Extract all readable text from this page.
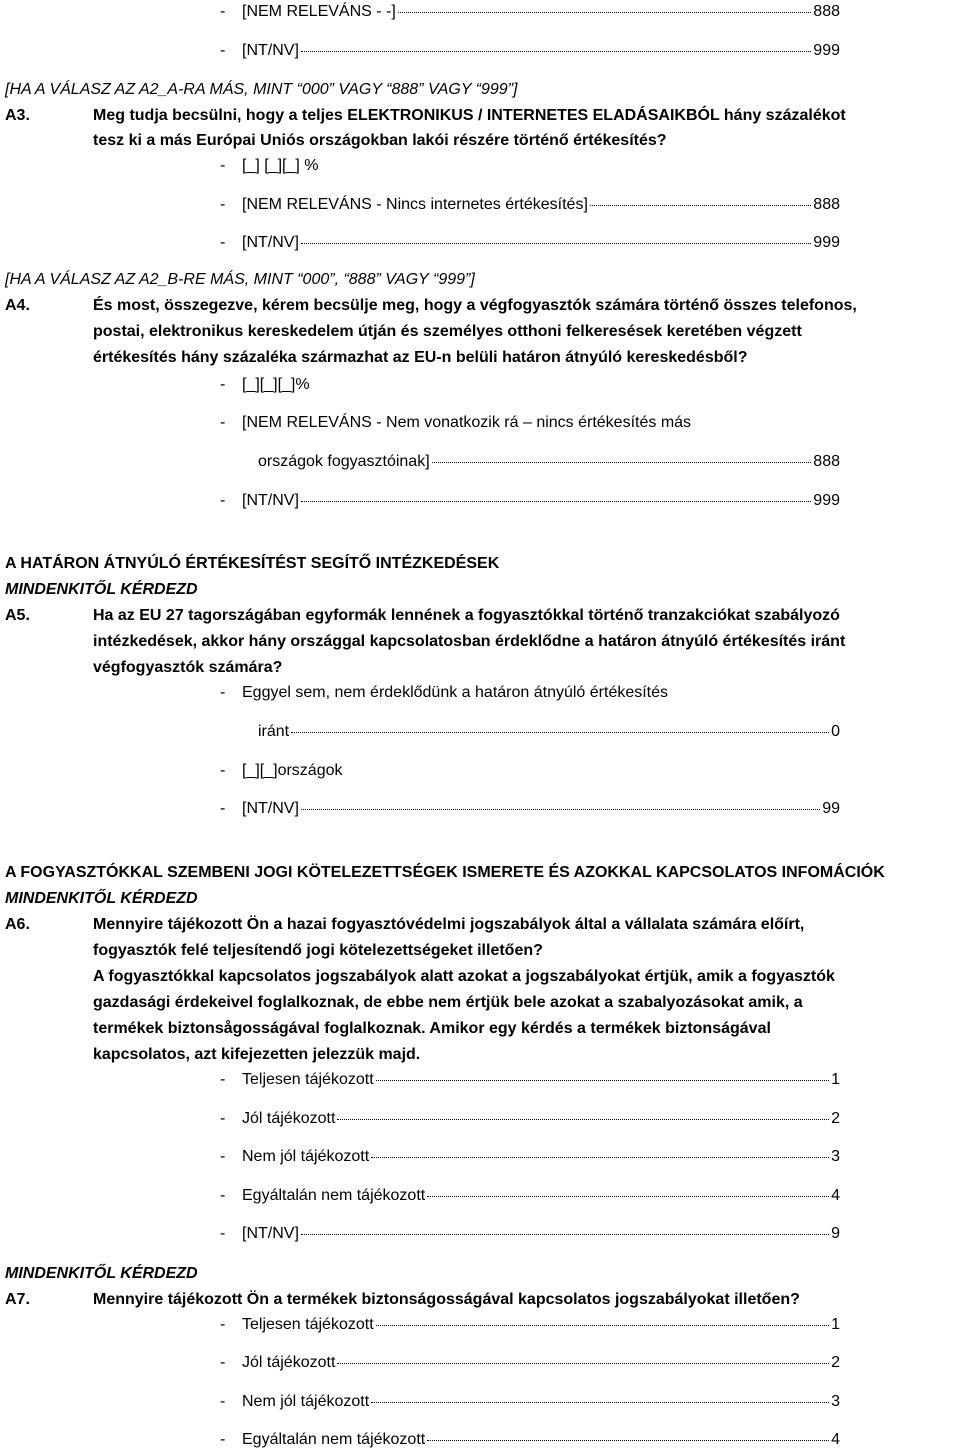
-	[NEM RELEVÁNS - -]	888
-	[NT/NV]	999
[HA A VÁLASZ AZ A2_A-RA MÁS, MINT “000” VAGY “888” VAGY “999”]
A3.	Meg tudja becsülni, hogy a teljes ELEKTRONIKUS / INTERNETES ELADÁSAIKBÓL hány százalékot
tesz ki a más Európai Uniós országokban lakói részére történő értékesítés?
-	[_] [_][_] %
-	[NEM RELEVÁNS - Nincs internetes értékesítés]	888
-	[NT/NV]	999
[HA A VÁLASZ AZ A2_B-RE MÁS, MINT “000”, “888” VAGY “999”]
A4.	És most, összegezve, kérem becsülje meg, hogy a végfogyasztók számára történő összes telefonos,
postai, elektronikus kereskedelem útján és személyes otthoni felkeresések keretében végzett
értékesítés hány százaléka származhat az EU-n belüli határon átnyúló kereskedésből?
-	[_][_][_]%
-	[NEM RELEVÁNS - Nem vonatkozik rá – nincs értékesítés más
országok fogyasztóinak]	888
-	[NT/NV]	999
A HATÁRON ÁTNYÚLÓ ÉRTÉKESÍTÉST SEGÍTŐ INTÉZKEDÉSEK
MINDENKITŐL KÉRDEZD
A5.	Ha az EU 27 tagországában egyformák lennének a fogyasztókkal történő tranzakciókat szabályozó
intézkedések, akkor hány országgal kapcsolatosban érdeklődne a határon átnyúló értékesítés iránt
végfogyasztók számára?
-	Eggyel sem, nem érdeklődünk a határon átnyúló értékesítés
iránt	0
-	[_][_]országok
-	[NT/NV]	99
A FOGYASZTÓKKAL SZEMBENI JOGI KÖTELEZETTSÉGEK ISMERETE ÉS AZOKKAL KAPCSOLATOS INFOMÁCIÓK
MINDENKITŐL KÉRDEZD
A6.	Mennyire tájékozott Ön a hazai fogyasztóvédelmi jogszabályok által a vállalata számára előírt,
fogyasztók felé teljesítendő jogi kötelezettségeket illetően?
A fogyasztókkal kapcsolatos jogszabályok alatt azokat a jogszabályokat értjük, amik a fogyasztók
gazdasági érdekeivel foglalkoznak, de ebbe nem értjük bele azokat a szabalyozásokat amik, a
termékek biztonsågosságával foglalkoznak. Amikor egy kérdés a termékek biztonságával
kapcsolatos, azt kifejezetten jelezzük majd.
-	Teljesen tájékozott	1
-	Jól tájékozott	2
-	Nem jól tájékozott	3
-	Egyáltalán nem tájékozott	4
-	[NT/NV]	9
MINDENKITŐL KÉRDEZD
A7.	Mennyire tájékozott Ön a termékek biztonságosságával kapcsolatos jogszabályokat illetően?
-	Teljesen tájékozott	1
-	Jól tájékozott	2
-	Nem jól tájékozott	3
-	Egyáltalán nem tájékozott	4
